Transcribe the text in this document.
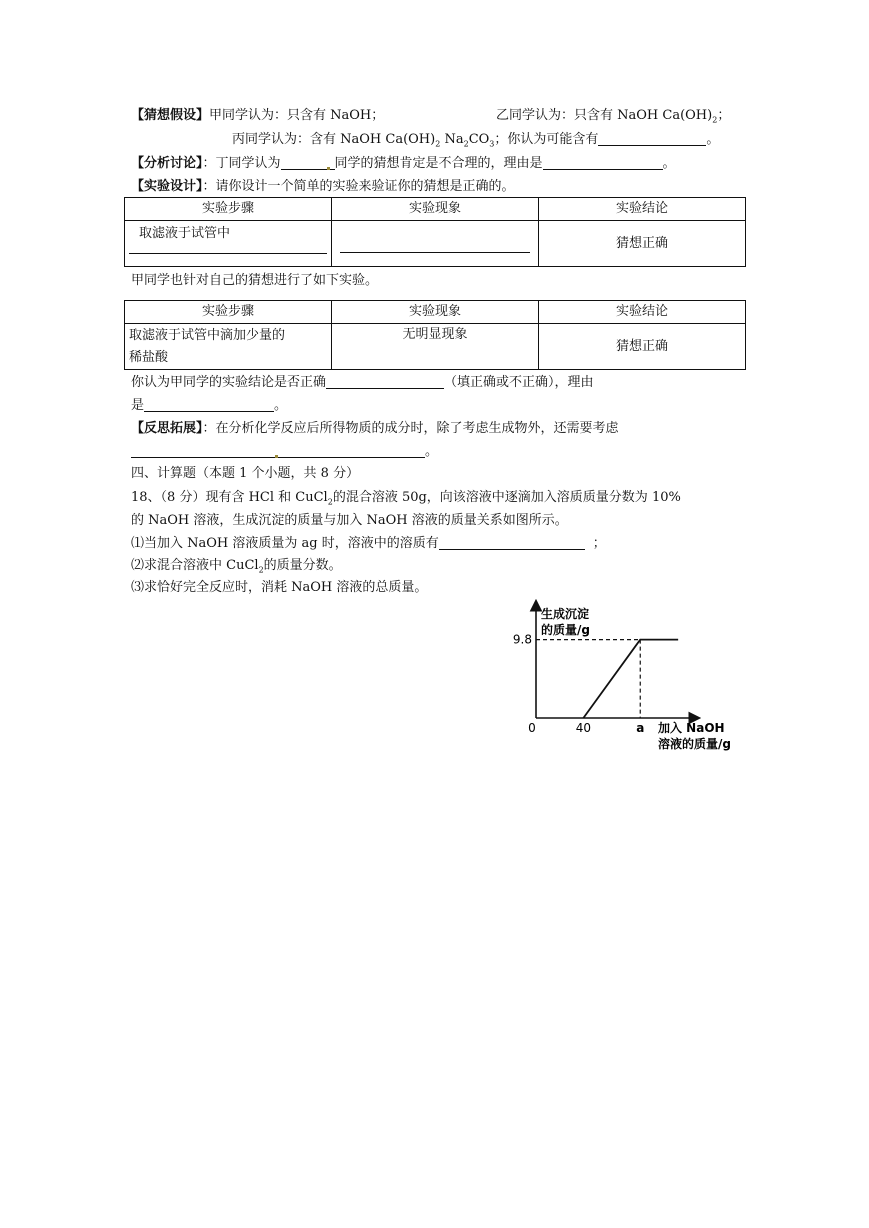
【猜想假设】甲同学认为：只含有 NaOH；	乙同学认为：只含有 NaOH $Ca(OH)_2$；
丙同学认为：含有 NaOH $Ca(OH)_2$ $Na_2CO_3$；你认为可能含有	。
【分析讨论】：丁同学认为	同学的猜想肯定是不合理的，理由是	。
【实验设计】：请你设计一个简单的实验来验证你的猜想是正确的。
实验步骤	实验现象	实验结论
取滤液于试管中		猜想正确
甲同学也针对自己的猜想进行了如下实验。
实验步骤	实验现象	实验结论

取滤液于试管中滴加少量的
稀盐酸	无明显现象	猜想正确
你认为甲同学的实验结论是否正确	（填正确或不正确），理由
是	。
【反思拓展】：在分析化学反应后所得物质的成分时，除了考虑生成物外，还需要考虑
。
四、计算题（本题 1 个小题，共 8 分）
18、（8 分）现有含 HCl 和 CuCl$_2$的混合溶液 50g，向该溶液中逐滴加入溶质质量分数为 10%
的 NaOH 溶液，生成沉淀的质量与加入 NaOH 溶液的质量关系如图所示。
⑴当加入 NaOH 溶液质量为 ag 时，溶液中的溶质有	；
⑵求混合溶液中 CuCl$_2$的质量分数。
⑶求恰好完全反应时，消耗 NaOH 溶液的总质量。
生成沉淀
的质量/g
加入 NaOH
溶液的质量/g
0	40	a
9.8
